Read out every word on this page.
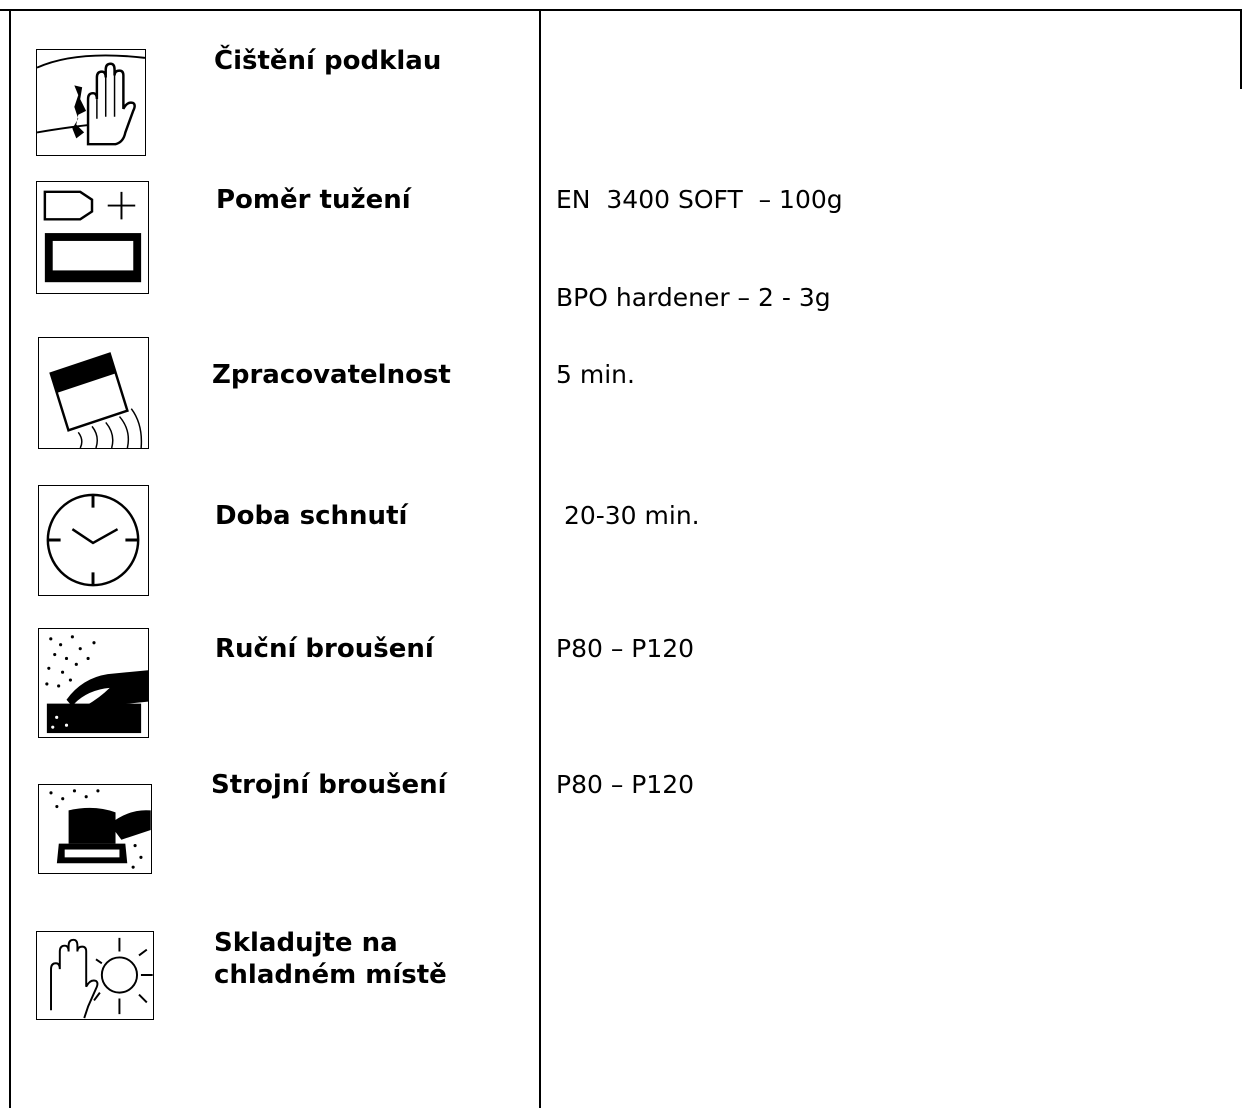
Čištění podklau
Poměr tužení	EN  3400 SOFT  – 100g
BPO hardener – 2 - 3g
Zpracovatelnost	5 min.
Doba schnutí	20-30 min.
Ruční broušení	P80 – P120
Strojní broušení	P80 – P120
Skladujte na
chladném místě
